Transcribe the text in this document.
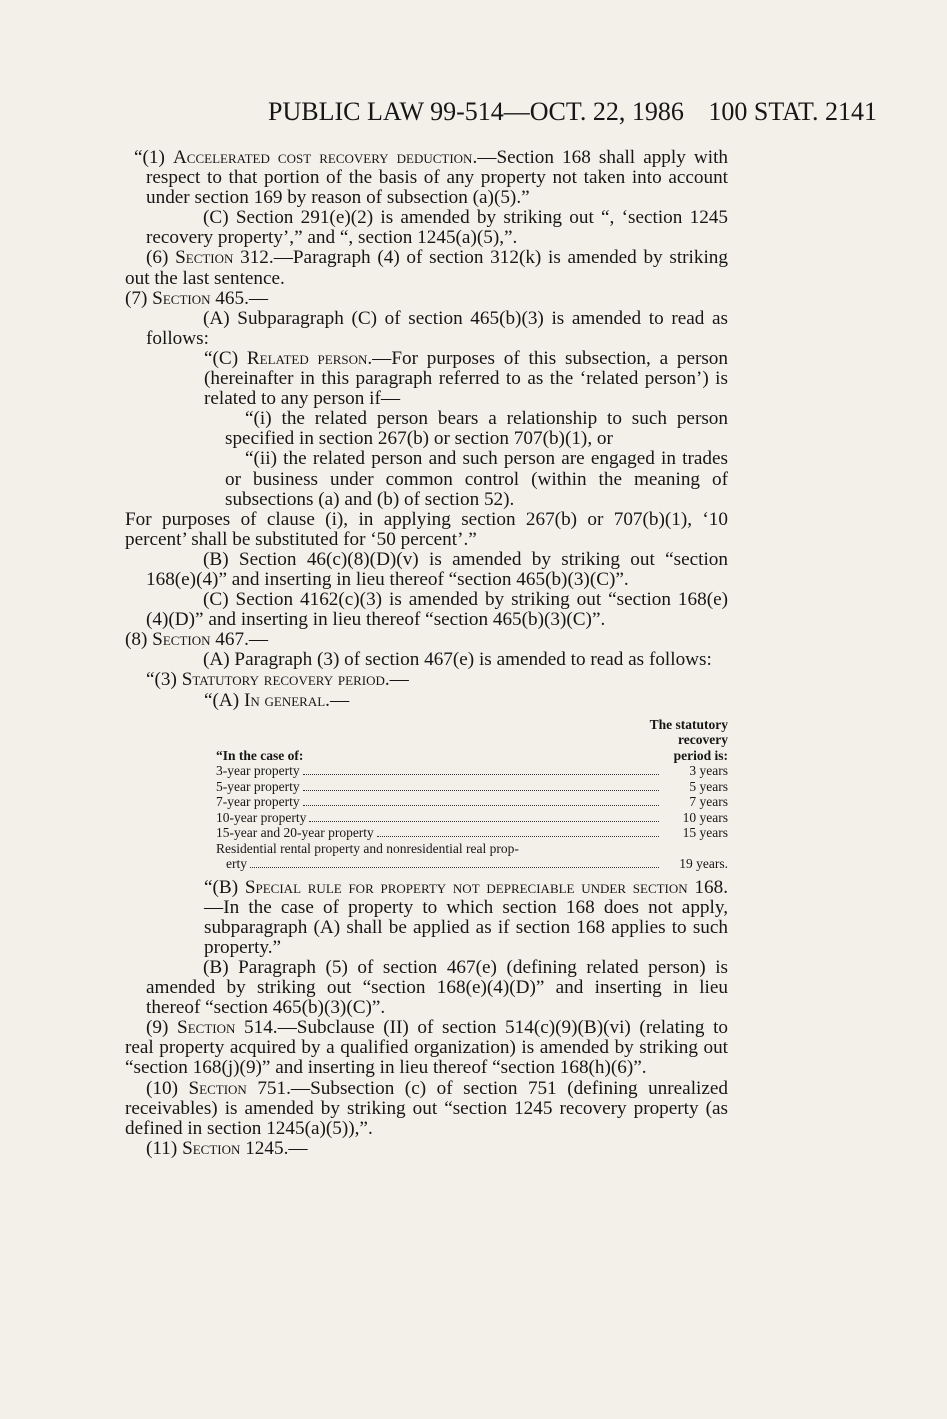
PUBLIC LAW 99-514—OCT. 22, 1986 100 STAT. 2141

“(1) Accelerated cost recovery deduction.—Section 168 shall apply with respect to that portion of the basis of any property not taken into account under section 169 by reason of subsection (a)(5).”

(C) Section 291(e)(2) is amended by striking out “, ‘section 1245 recovery property’,” and “, section 1245(a)(5),”.

(6) Section 312.—Paragraph (4) of section 312(k) is amended by striking out the last sentence.

(7) Section 465.—

(A) Subparagraph (C) of section 465(b)(3) is amended to read as follows:

“(C) Related person.—For purposes of this subsection, a person (hereinafter in this paragraph referred to as the ‘related person’) is related to any person if—

“(i) the related person bears a relationship to such person specified in section 267(b) or section 707(b)(1), or

“(ii) the related person and such person are engaged in trades or business under common control (within the meaning of subsections (a) and (b) of section 52).

For purposes of clause (i), in applying section 267(b) or 707(b)(1), ‘10 percent’ shall be substituted for ‘50 percent’.”

(B) Section 46(c)(8)(D)(v) is amended by striking out “section 168(e)(4)” and inserting in lieu thereof “section 465(b)(3)(C)”.

(C) Section 4162(c)(3) is amended by striking out “section 168(e)(4)(D)” and inserting in lieu thereof “section 465(b)(3)(C)”.

(8) Section 467.—

(A) Paragraph (3) of section 467(e) is amended to read as follows:

“(3) Statutory recovery period.—

“(A) In general.—

“In the case of:
The statutory
recovery
period is:
3-year property	3 years
5-year property	5 years
7-year property	7 years
10-year property	10 years
15-year and 20-year property	15 years
Residential rental property and nonresidential real prop-
erty	19 years.

“(B) Special rule for property not depreciable under section 168.—In the case of property to which section 168 does not apply, subparagraph (A) shall be applied as if section 168 applies to such property.”

(B) Paragraph (5) of section 467(e) (defining related person) is amended by striking out “section 168(e)(4)(D)” and inserting in lieu thereof “section 465(b)(3)(C)”.

(9) Section 514.—Subclause (II) of section 514(c)(9)(B)(vi) (relating to real property acquired by a qualified organization) is amended by striking out “section 168(j)(9)” and inserting in lieu thereof “section 168(h)(6)”.

(10) Section 751.—Subsection (c) of section 751 (defining unrealized receivables) is amended by striking out “section 1245 recovery property (as defined in section 1245(a)(5)),”.

(11) Section 1245.—
